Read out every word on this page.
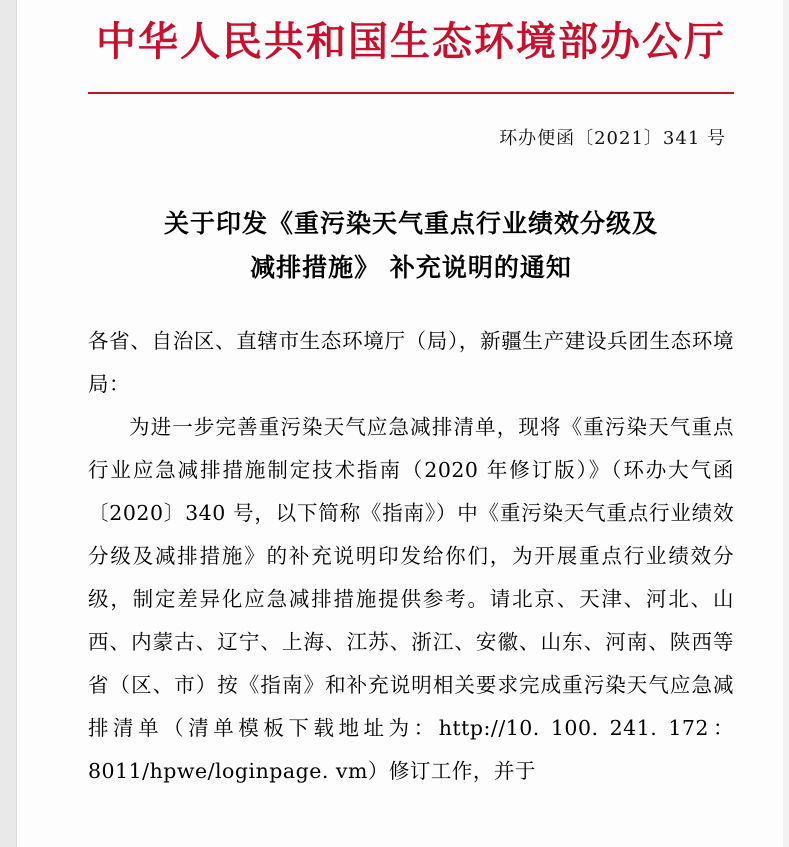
中华人民共和国生态环境部办公厅
环办便函〔2021〕341 号
关于印发《重污染天气重点行业绩效分级及
减排措施》 补充说明的通知

各省、自治区、直辖市生态环境厅（局），新疆生产建设兵团生态环境局：

为进一步完善重污染天气应急减排清单，现将《重污染天气重点行业应急减排措施制定技术指南（2020 年修订版）》（环办大气函〔2020〕340 号，以下简称《指南》）中《重污染天气重点行业绩效分级及减排措施》的补充说明印发给你们，为开展重点行业绩效分级，制定差异化应急减排措施提供参考。请北京、天津、河北、山西、内蒙古、辽宁、上海、江苏、浙江、安徽、山东、河南、陕西等省（区、市）按《指南》和补充说明相关要求完成重污染天气应急减排清单（清单模板下载地址为：http://10. 100. 241. 172：8011/hpwe/loginpage. vm）修订工作，并于
